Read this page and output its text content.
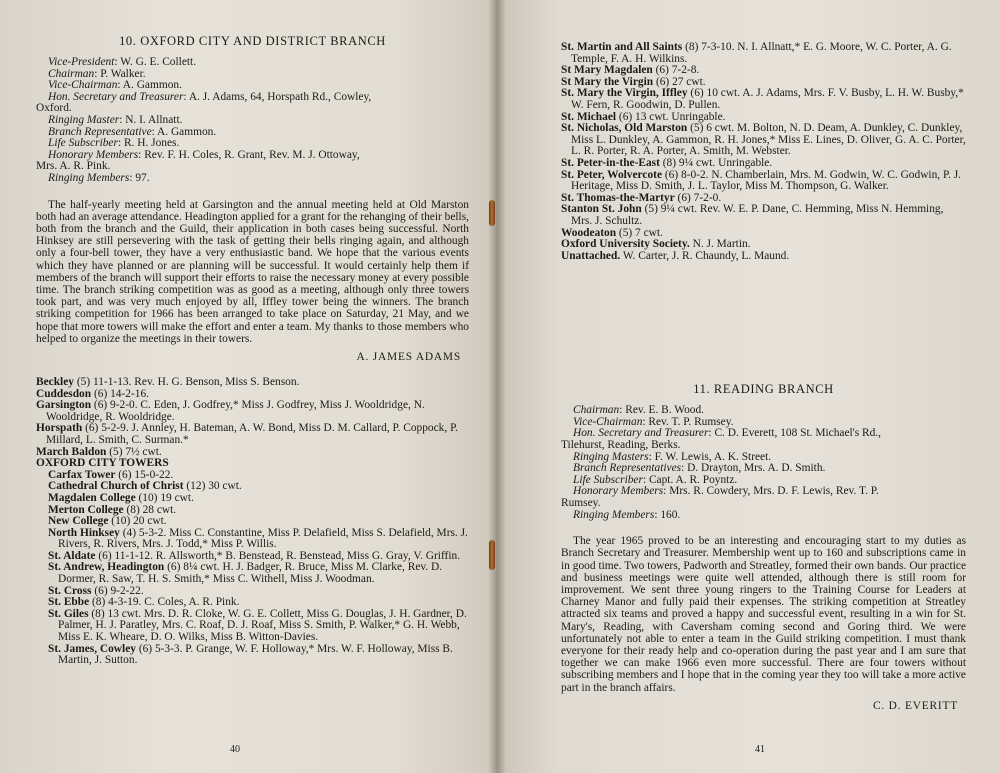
10. OXFORD CITY AND DISTRICT BRANCH
Vice-President: W. G. E. Collett.
Chairman: P. Walker.
Vice-Chairman: A. Gammon.
Hon. Secretary and Treasurer: A. J. Adams, 64, Horspath Rd., Cowley,
Oxford.
Ringing Master: N. I. Allnatt.
Branch Representative: A. Gammon.
Life Subscriber: R. H. Jones.
Honorary Members: Rev. F. H. Coles, R. Grant, Rev. M. J. Ottoway,
Mrs. A. R. Pink.
Ringing Members: 97.

The half-yearly meeting held at Garsington and the annual meeting held at Old Marston both had an average attendance. Headington applied for a grant for the rehanging of their bells, both from the branch and the Guild, their application in both cases being successful. North Hinksey are still persevering with the task of getting their bells ringing again, and although only a four-bell tower, they have a very enthusiastic band. We hope that the various events which they have planned or are planning will be successful. It would certainly help them if members of the branch will support their efforts to raise the necessary money at every possible time. The branch striking competition was as good as a meeting, although only three towers took part, and was very much enjoyed by all, Iffley tower being the winners. The branch striking competition for 1966 has been arranged to take place on Saturday, 21 May, and we hope that more towers will make the effort and enter a team. My thanks to those members who helped to organize the meetings in their towers.

A. JAMES ADAMS
Beckley (5) 11-1-13. Rev. H. G. Benson, Miss S. Benson.
Cuddesdon (6) 14-2-16.
Garsington (6) 9-2-0. C. Eden, J. Godfrey,* Miss J. Godfrey, Miss J. Wooldridge, N. Wooldridge, R. Wooldridge.
Horspath (6) 5-2-9. J. Annley, H. Bateman, A. W. Bond, Miss D. M. Callard, P. Coppock, P. Millard, L. Smith, C. Surman.*
March Baldon (5) 7½ cwt.
OXFORD CITY TOWERS
Carfax Tower (6) 15-0-22.
Cathedral Church of Christ (12) 30 cwt.
Magdalen College (10) 19 cwt.
Merton College (8) 28 cwt.
New College (10) 20 cwt.
North Hinksey (4) 5-3-2. Miss C. Constantine, Miss P. Delafield, Miss S. Delafield, Mrs. J. Rivers, R. Rivers, Mrs. J. Todd,* Miss P. Willis.
St. Aldate (6) 11-1-12. R. Allsworth,* B. Benstead, R. Benstead, Miss G. Gray, V. Griffin.
St. Andrew, Headington (6) 8¼ cwt. H. J. Badger, R. Bruce, Miss M. Clarke, Rev. D. Dormer, R. Saw, T. H. S. Smith,* Miss C. Withell, Miss J. Woodman.
St. Cross (6) 9-2-22.
St. Ebbe (8) 4-3-19. C. Coles, A. R. Pink.
St. Giles (8) 13 cwt. Mrs. D. R. Cloke, W. G. E. Collett, Miss G. Douglas, J. H. Gardner, D. Palmer, H. J. Paratley, Mrs. C. Roaf, D. J. Roaf, Miss S. Smith, P. Walker,* G. H. Webb, Miss E. K. Wheare, D. O. Wilks, Miss B. Witton-Davies.
St. James, Cowley (6) 5-3-3. P. Grange, W. F. Holloway,* Mrs. W. F. Holloway, Miss B. Martin, J. Sutton.
40
St. Martin and All Saints (8) 7-3-10. N. I. Allnatt,* E. G. Moore, W. C. Porter, A. G. Temple, F. A. H. Wilkins.
St Mary Magdalen (6) 7-2-8.
St Mary the Virgin (6) 27 cwt.
St. Mary the Virgin, Iffley (6) 10 cwt. A. J. Adams, Mrs. F. V. Busby, L. H. W. Busby,* W. Fern, R. Goodwin, D. Pullen.
St. Michael (6) 13 cwt. Unringable.
St. Nicholas, Old Marston (5) 6 cwt. M. Bolton, N. D. Deam, A. Dunkley, C. Dunkley, Miss L. Dunkley, A. Gammon, R. H. Jones,* Miss E. Lines, D. Oliver, G. A. C. Porter, L. R. Porter, R. A. Porter, A. Smith, M. Webster.
St. Peter-in-the-East (8) 9¼ cwt. Unringable.
St. Peter, Wolvercote (6) 8-0-2. N. Chamberlain, Mrs. M. Godwin, W. C. Godwin, P. J. Heritage, Miss D. Smith, J. L. Taylor, Miss M. Thompson, G. Walker.
St. Thomas-the-Martyr (6) 7-2-0.
Stanton St. John (5) 9¼ cwt. Rev. W. E. P. Dane, C. Hemming, Miss N. Hemming, Mrs. J. Schultz.
Woodeaton (5) 7 cwt.
Oxford University Society. N. J. Martin.
Unattached. W. Carter, J. R. Chaundy, L. Maund.
11. READING BRANCH
Chairman: Rev. E. B. Wood.
Vice-Chairman: Rev. T. P. Rumsey.
Hon. Secretary and Treasurer: C. D. Everett, 108 St. Michael's Rd.,
Tilehurst, Reading, Berks.
Ringing Masters: F. W. Lewis, A. K. Street.
Branch Representatives: D. Drayton, Mrs. A. D. Smith.
Life Subscriber: Capt. A. R. Poyntz.
Honorary Members: Mrs. R. Cowdery, Mrs. D. F. Lewis, Rev. T. P.
Rumsey.
Ringing Members: 160.

The year 1965 proved to be an interesting and encouraging start to my duties as Branch Secretary and Treasurer. Membership went up to 160 and subscriptions came in in good time. Two towers, Padworth and Streatley, formed their own bands. Our practice and business meetings were quite well attended, although there is still room for improvement. We sent three young ringers to the Training Course for Leaders at Charney Manor and fully paid their expenses. The striking competition at Streatley attracted six teams and proved a happy and successful event, resulting in a win for St. Mary's, Reading, with Caversham coming second and Goring third. We were unfortunately not able to enter a team in the Guild striking competition. I must thank everyone for their ready help and co-operation during the past year and I am sure that together we can make 1966 even more successful. There are four towers without subscribing members and I hope that in the coming year they too will take a more active part in the branch affairs.

C. D. EVERITT
41
